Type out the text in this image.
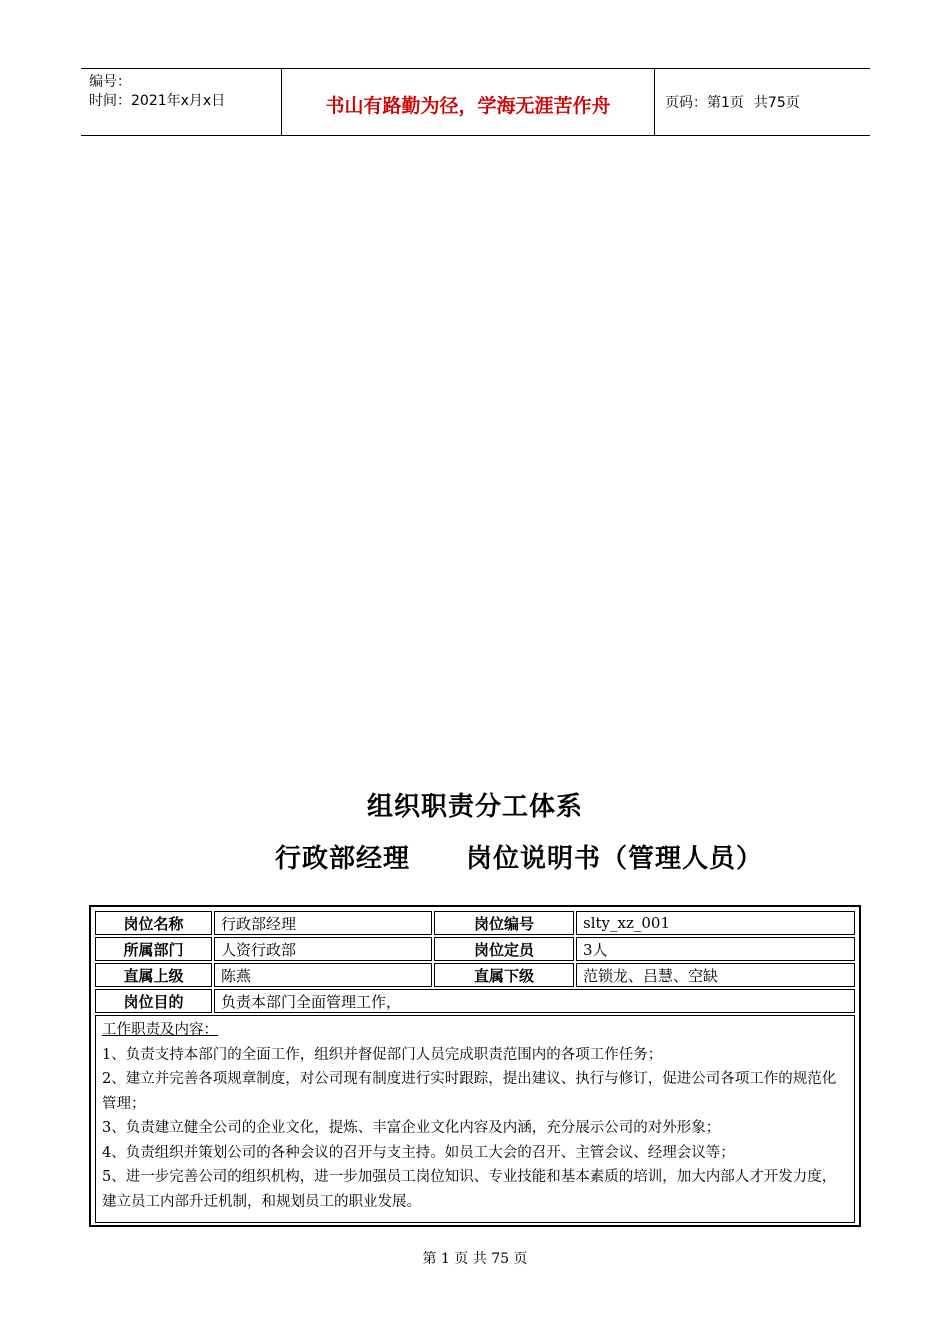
编号：
时间：2021年x月x日	书山有路勤为径，学海无涯苦作舟	页码：第1页 共75页
组织职责分工体系
行政部经理 岗位说明书（管理人员）
岗位名称	行政部经理	岗位编号	slty_xz_001
所属部门	人资行政部	岗位定员	3人
直属上级	陈燕	直属下级	范锁龙、吕慧、空缺
岗位目的	负责本部门全面管理工作，		
工作职责及内容：
1、负责支持本部门的全面工作，组织并督促部门人员完成职责范围内的各项工作任务；
2、建立并完善各项规章制度，对公司现有制度进行实时跟踪，提出建议、执行与修订，促进公司各项工作的规范化管理；
3、负责建立健全公司的企业文化，提炼、丰富企业文化内容及内涵，充分展示公司的对外形象；
4、负责组织并策划公司的各种会议的召开与支主持。如员工大会的召开、主管会议、经理会议等；
5、进一步完善公司的组织机构，进一步加强员工岗位知识、专业技能和基本素质的培训，加大内部人才开发力度，建立员工内部升迁机制，和规划员工的职业发展。
第 1 页 共 75 页
